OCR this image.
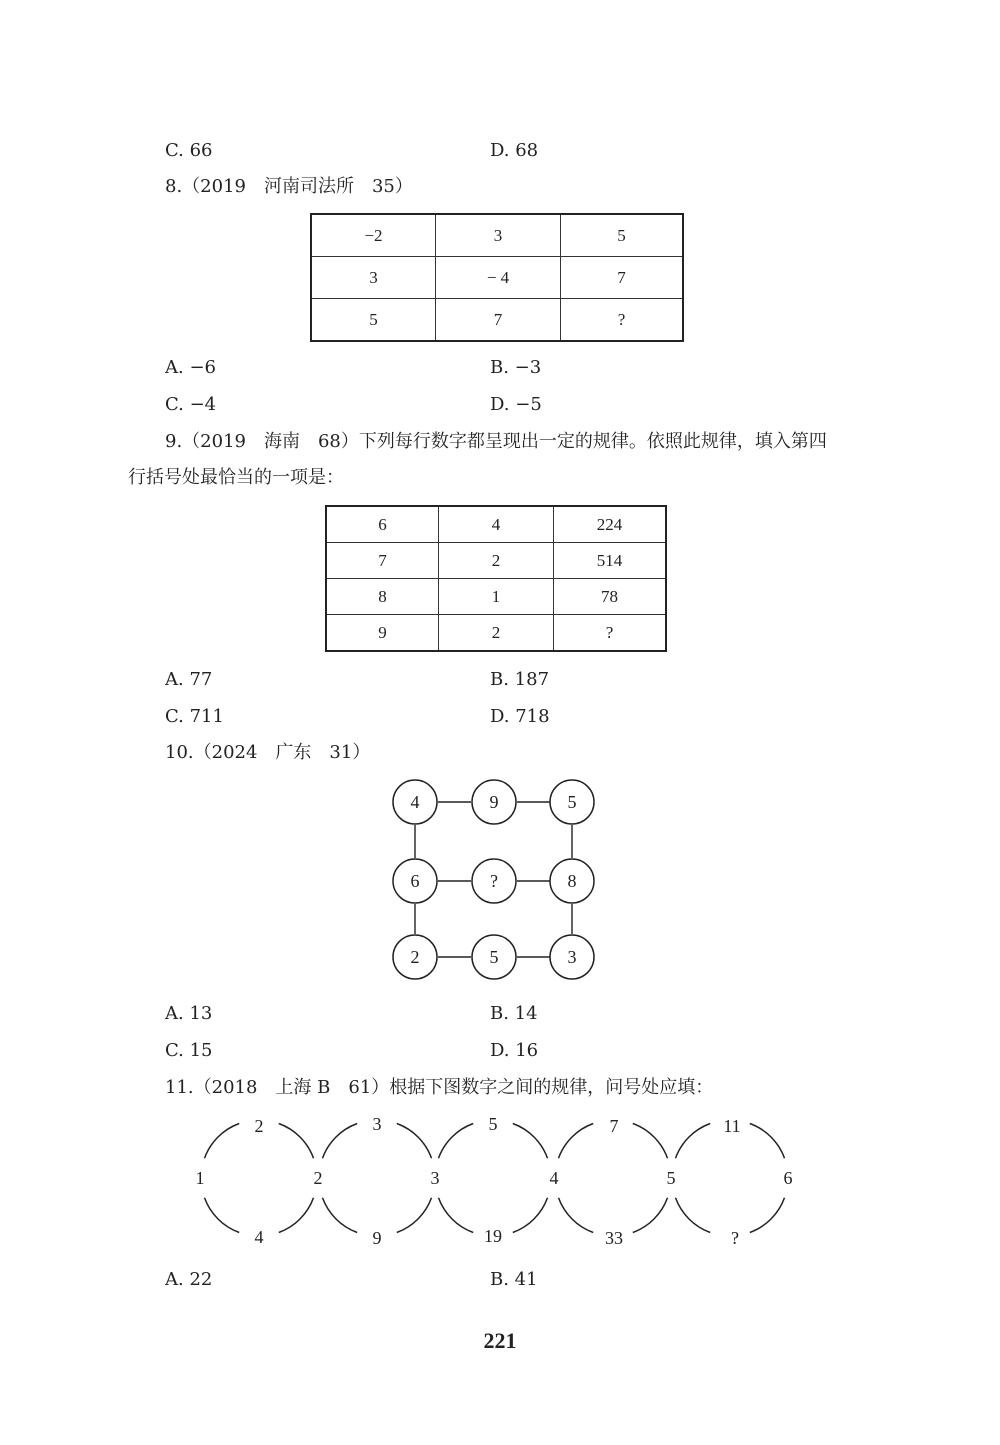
C. 66	D. 68
8.（2019　河南司法所　35）
−2	3	5
3	− 4	7
5	7	?
A. −6	B. −3
C. −4	D. −5
9.（2019　海南　68）下列每行数字都呈现出一定的规律。依照此规律，填入第四
行括号处最恰当的一项是：
6	4	224
7	2	514
8	1	78
9	2	?
A. 77	B. 187
C. 711	D. 718
10.（2024　广东　31）
4	9	5
6	?	8
2	5	3
A. 13	B. 14
C. 15	D. 16
11.（2018　上海 B　61）根据下图数字之间的规律，问号处应填：
1	2	3	4	5	6
2	3	5	7	11
4	9	19	33	?
A. 22	B. 41
221
